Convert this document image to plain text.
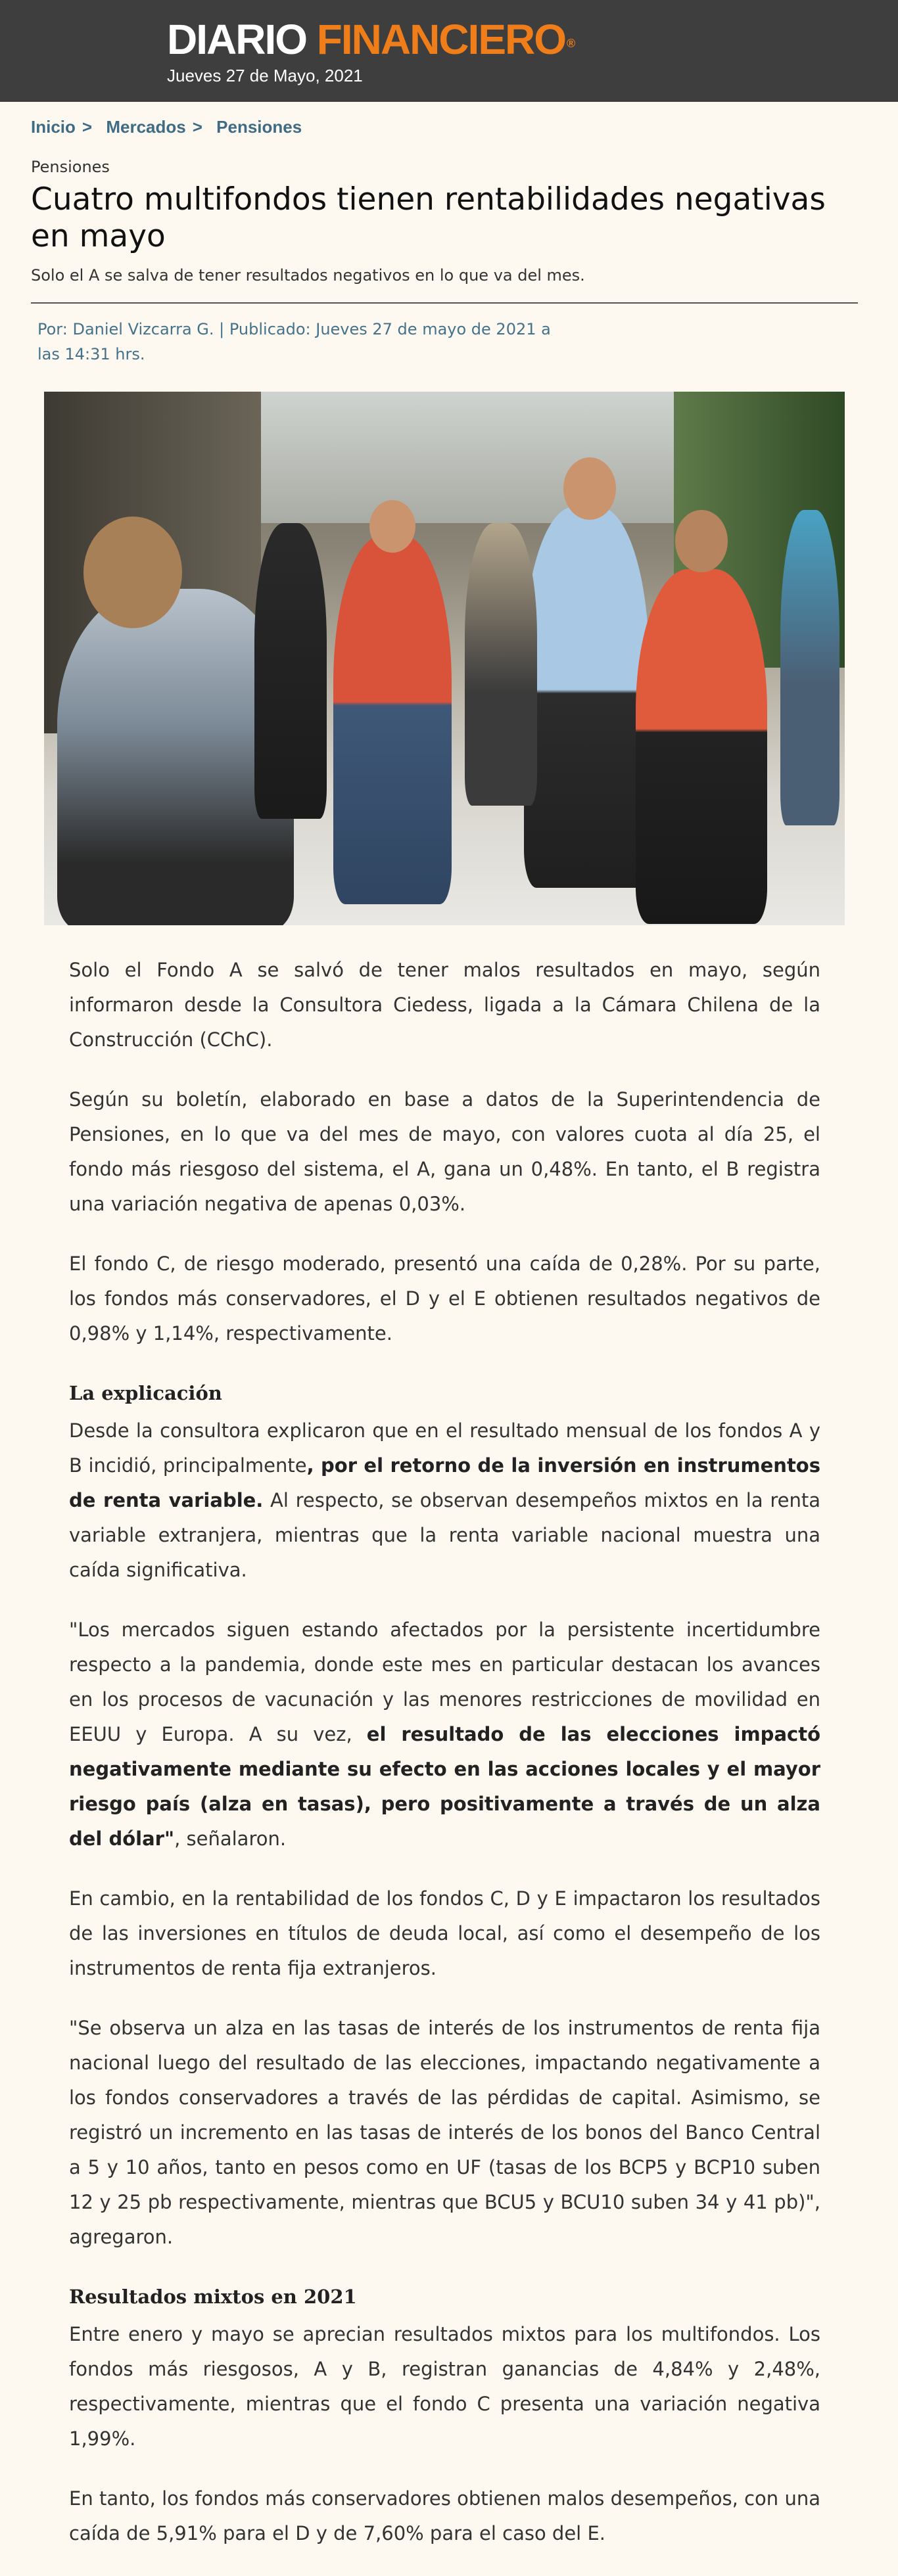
DIARIO FINANCIERO ®
Jueves 27 de Mayo, 2021
Inicio > Mercados > Pensiones
Pensiones
Cuatro multifondos tienen rentabilidades negativas en mayo
Solo el A se salva de tener resultados negativos en lo que va del mes.
Por: Daniel Vizcarra G. | Publicado: Jueves 27 de mayo de 2021 a las 14:31 hrs.

Solo el Fondo A se salvó de tener malos resultados en mayo, según informaron desde la Consultora Ciedess, ligada a la Cámara Chilena de la Construcción (CChC).

Según su boletín, elaborado en base a datos de la Superintendencia de Pensiones, en lo que va del mes de mayo, con valores cuota al día 25, el fondo más riesgoso del sistema, el A, gana un 0,48%. En tanto, el B registra una variación negativa de apenas 0,03%.

El fondo C, de riesgo moderado, presentó una caída de 0,28%. Por su parte, los fondos más conservadores, el D y el E obtienen resultados negativos de 0,98% y 1,14%, respectivamente.

La explicación

Desde la consultora explicaron que en el resultado mensual de los fondos A y B incidió, principalmente, por el retorno de la inversión en instrumentos de renta variable. Al respecto, se observan desempeños mixtos en la renta variable extranjera, mientras que la renta variable nacional muestra una caída significativa.

"Los mercados siguen estando afectados por la persistente incertidumbre respecto a la pandemia, donde este mes en particular destacan los avances en los procesos de vacunación y las menores restricciones de movilidad en EEUU y Europa. A su vez, el resultado de las elecciones impactó negativamente mediante su efecto en las acciones locales y el mayor riesgo país (alza en tasas), pero positivamente a través de un alza del dólar", señalaron.

En cambio, en la rentabilidad de los fondos C, D y E impactaron los resultados de las inversiones en títulos de deuda local, así como el desempeño de los instrumentos de renta fija extranjeros.

"Se observa un alza en las tasas de interés de los instrumentos de renta fija nacional luego del resultado de las elecciones, impactando negativamente a los fondos conservadores a través de las pérdidas de capital. Asimismo, se registró un incremento en las tasas de interés de los bonos del Banco Central a 5 y 10 años, tanto en pesos como en UF (tasas de los BCP5 y BCP10 suben 12 y 25 pb respectivamente, mientras que BCU5 y BCU10 suben 34 y 41 pb)", agregaron.

Resultados mixtos en 2021

Entre enero y mayo se aprecian resultados mixtos para los multifondos. Los fondos más riesgosos, A y B, registran ganancias de 4,84% y 2,48%, respectivamente, mientras que el fondo C presenta una variación negativa 1,99%.

En tanto, los fondos más conservadores obtienen malos desempeños, con una caída de 5,91% para el D y de 7,60% para el caso del E.
